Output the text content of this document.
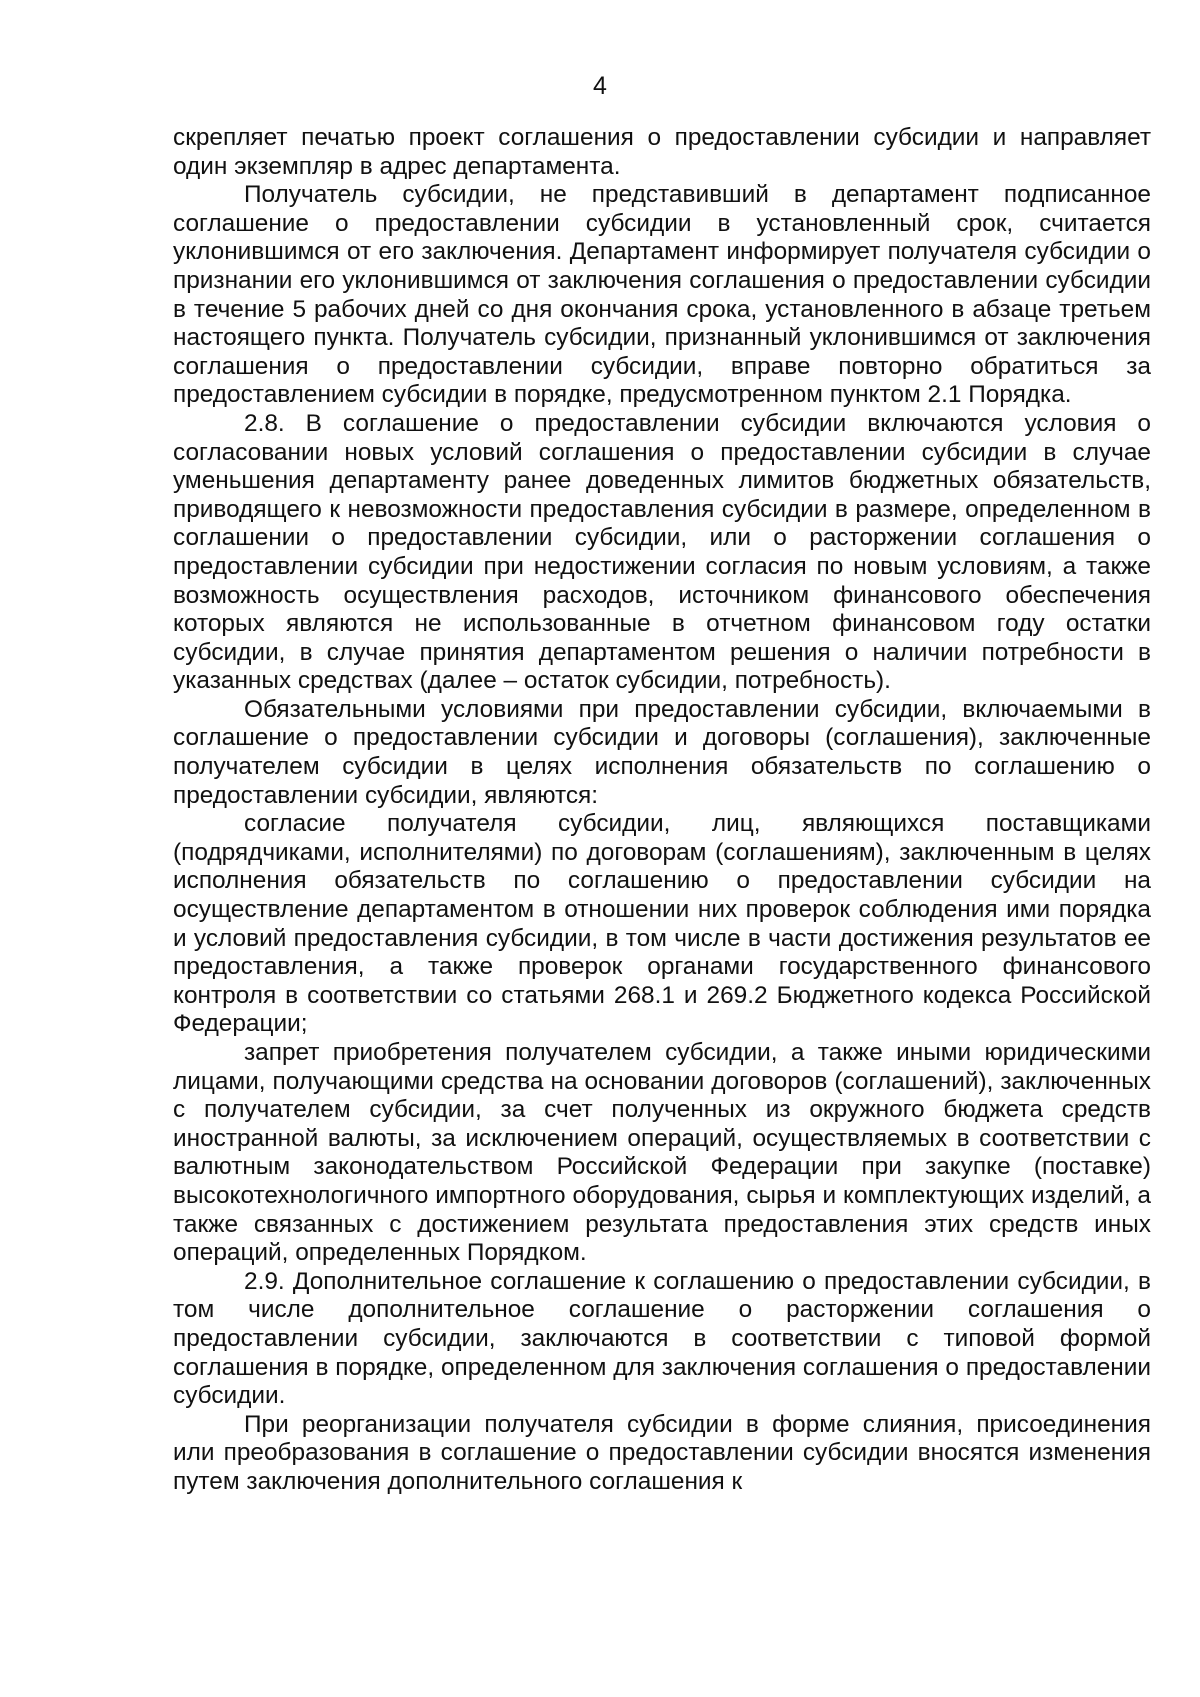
4

скрепляет печатью проект соглашения о предоставлении субсидии и направляет один экземпляр в адрес департамента.

Получатель субсидии, не представивший в департамент подписанное соглашение о предоставлении субсидии в установленный срок, считается уклонившимся от его заключения. Департамент информирует получателя субсидии о признании его уклонившимся от заключения соглашения о предоставлении субсидии в течение 5 рабочих дней со дня окончания срока, установленного в абзаце третьем настоящего пункта. Получатель субсидии, признанный уклонившимся от заключения соглашения о предоставлении субсидии, вправе повторно обратиться за предоставлением субсидии в порядке, предусмотренном пунктом 2.1 Порядка.

2.8. В соглашение о предоставлении субсидии включаются условия о согласовании новых условий соглашения о предоставлении субсидии в случае уменьшения департаменту ранее доведенных лимитов бюджетных обязательств, приводящего к невозможности предоставления субсидии в размере, определенном в соглашении о предоставлении субсидии, или о расторжении соглашения о предоставлении субсидии при недостижении согласия по новым условиям, а также возможность осуществления расходов, источником финансового обеспечения которых являются не использованные в отчетном финансовом году остатки субсидии, в случае принятия департаментом решения о наличии потребности в указанных средствах (далее – остаток субсидии, потребность).

Обязательными условиями при предоставлении субсидии, включаемыми в соглашение о предоставлении субсидии и договоры (соглашения), заключенные получателем субсидии в целях исполнения обязательств по соглашению о предоставлении субсидии, являются:

согласие получателя субсидии, лиц, являющихся поставщиками (подрядчиками, исполнителями) по договорам (соглашениям), заключенным в целях исполнения обязательств по соглашению о предоставлении субсидии на осуществление департаментом в отношении них проверок соблюдения ими порядка и условий предоставления субсидии, в том числе в части достижения результатов ее предоставления, а также проверок органами государственного финансового контроля в соответствии со статьями 268.1 и 269.2 Бюджетного кодекса Российской Федерации;

запрет приобретения получателем субсидии, а также иными юридическими лицами, получающими средства на основании договоров (соглашений), заключенных с получателем субсидии, за счет полученных из окружного бюджета средств иностранной валюты, за исключением операций, осуществляемых в соответствии с валютным законодательством Российской Федерации при закупке (поставке) высокотехнологичного импортного оборудования, сырья и комплектующих изделий, а также связанных с достижением результата предоставления этих средств иных операций, определенных Порядком.

2.9. Дополнительное соглашение к соглашению о предоставлении субсидии, в том числе дополнительное соглашение о расторжении соглашения о предоставлении субсидии, заключаются в соответствии с типовой формой соглашения в порядке, определенном для заключения соглашения о предоставлении субсидии.

При реорганизации получателя субсидии в форме слияния, присоединения или преобразования в соглашение о предоставлении субсидии вносятся изменения путем заключения дополнительного соглашения к
